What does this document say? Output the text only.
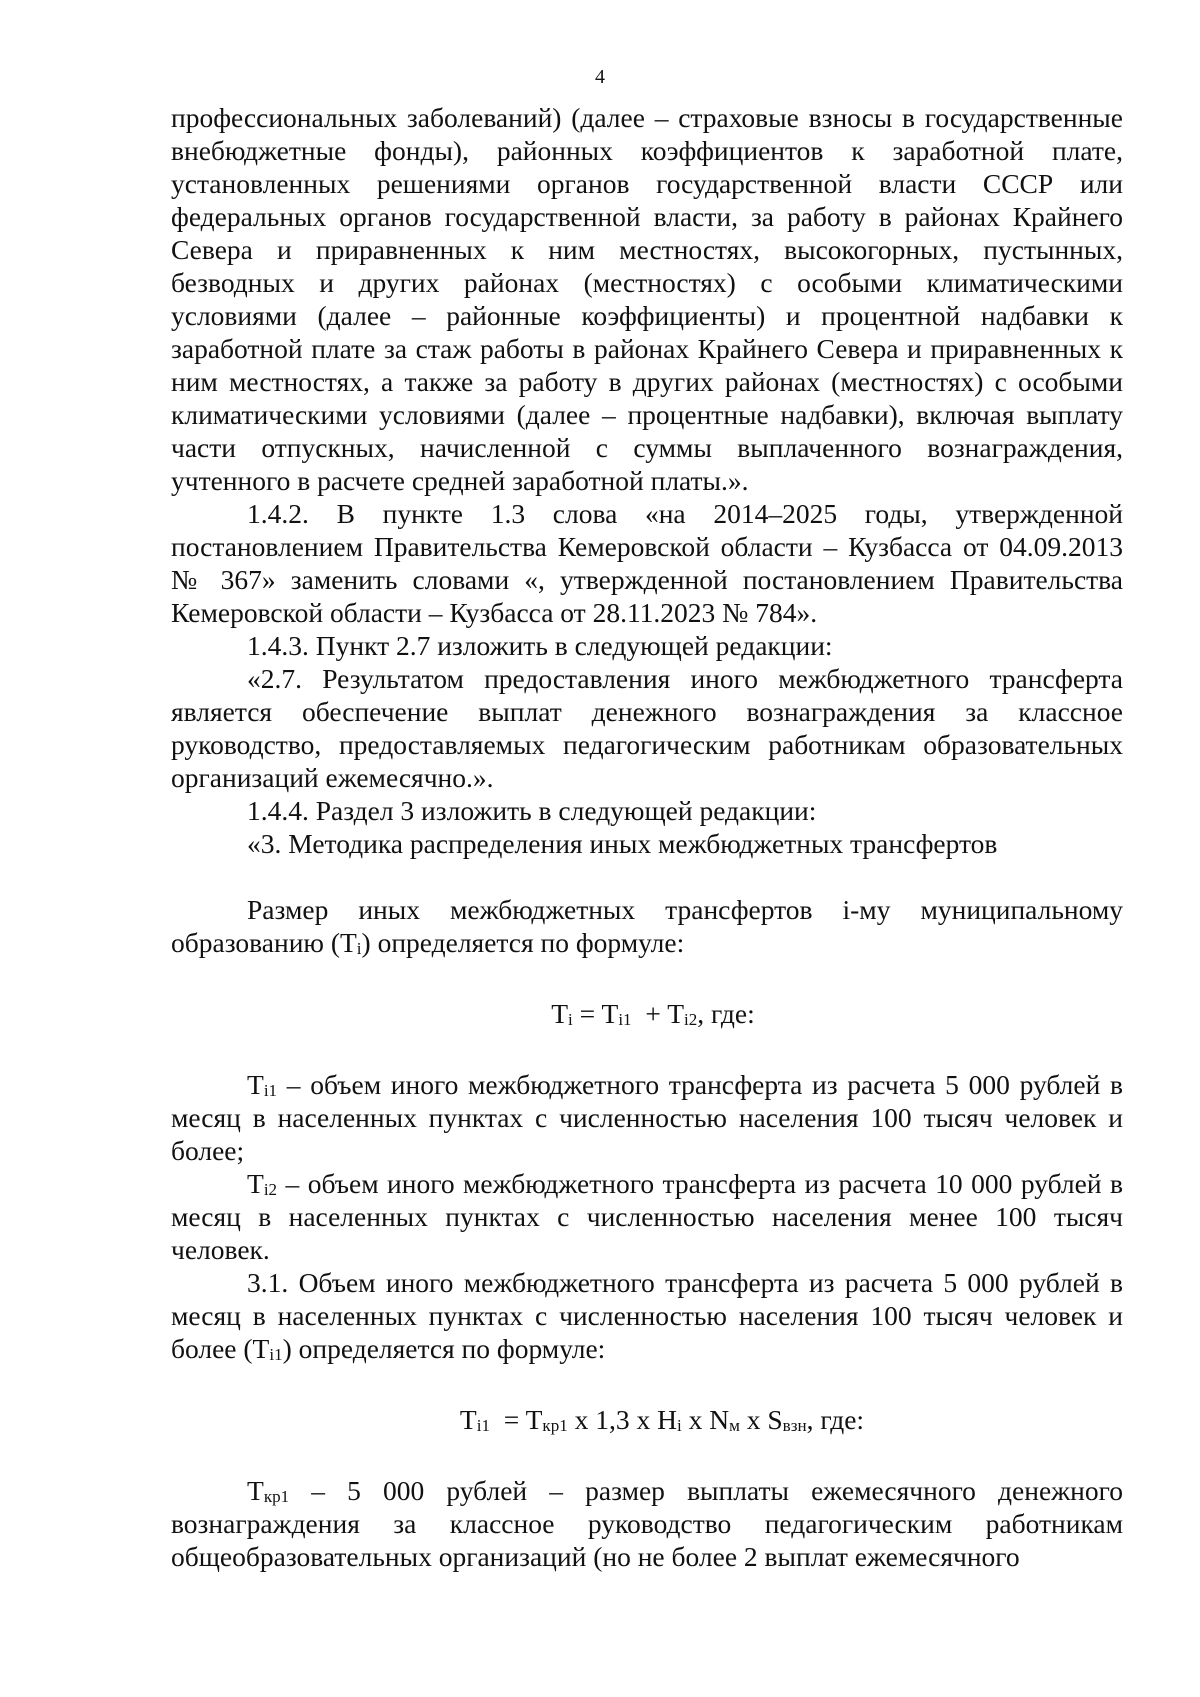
4

профессиональных заболеваний) (далее – страховые взносы в государственные внебюджетные фонды), районных коэффициентов к заработной плате, установленных решениями органов государственной власти СССР или федеральных органов государственной власти, за работу в районах Крайнего Севера и приравненных к ним местностях, высокогорных, пустынных, безводных и других районах (местностях) с особыми климатическими условиями (далее – районные коэффициенты) и процентной надбавки к заработной плате за стаж работы в районах Крайнего Севера и приравненных к ним местностях, а также за работу в других районах (местностях) с особыми климатическими условиями (далее – процентные надбавки), включая выплату части отпускных, начисленной с суммы выплаченного вознаграждения, учтенного в расчете средней заработной платы.».

1.4.2. В пункте 1.3 слова «на 2014–2025 годы, утвержденной постановлением Правительства Кемеровской области – Кузбасса от 04.09.2013 № 367» заменить словами «, утвержденной постановлением Правительства Кемеровской области – Кузбасса от 28.11.2023 № 784».

1.4.3. Пункт 2.7 изложить в следующей редакции:

«2.7. Результатом предоставления иного межбюджетного трансферта является обеспечение выплат денежного вознаграждения за классное руководство, предоставляемых педагогическим работникам образовательных организаций ежемесячно.».

1.4.4. Раздел 3 изложить в следующей редакции:

«3. Методика распределения иных межбюджетных трансфертов

Размер иных межбюджетных трансфертов i-му муниципальному образованию $(T_i)$ определяется по формуле:

$T_i = T_{i1} + T_{i2}$, где:

$T_{i1}$ – объем иного межбюджетного трансферта из расчета 5 000 рублей в месяц в населенных пунктах с численностью населения 100 тысяч человек и более;

$T_{i2}$ – объем иного межбюджетного трансферта из расчета 10 000 рублей в месяц в населенных пунктах с численностью населения менее 100 тысяч человек.

3.1. Объем иного межбюджетного трансферта из расчета 5 000 рублей в месяц в населенных пунктах с численностью населения 100 тысяч человек и более $(T_{i1})$ определяется по формуле:

$T_{i1} = T_{кр1}$ х 1,3 х $Н_i$ х $N_м$ х $S_{взн}$, где:

$T_{кр1} - 5$ 000 рублей – размер выплаты ежемесячного денежного вознаграждения за классное руководство педагогическим работникам общеобразовательных организаций (но не более 2 выплат ежемесячного
